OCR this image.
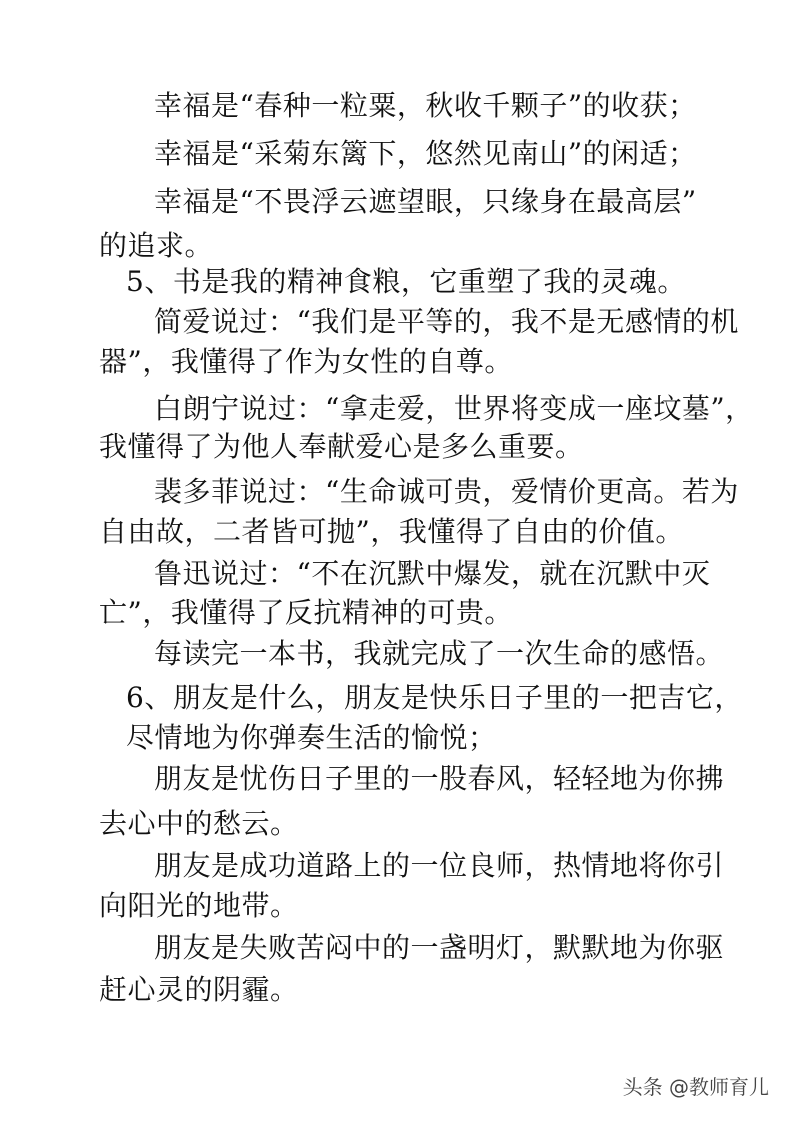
幸福是“春种一粒粟，秋收千颗子”的收获；
幸福是“采菊东篱下，悠然见南山”的闲适；
幸福是“不畏浮云遮望眼，只缘身在最高层”
的追求。
5、书是我的精神食粮，它重塑了我的灵魂。
简爱说过：“我们是平等的，我不是无感情的机
器”，我懂得了作为女性的自尊。
白朗宁说过：“拿走爱，世界将变成一座坟墓”，
我懂得了为他人奉献爱心是多么重要。
裴多菲说过：“生命诚可贵，爱情价更高。若为
自由故，二者皆可抛”，我懂得了自由的价值。
鲁迅说过：“不在沉默中爆发，就在沉默中灭
亡”，我懂得了反抗精神的可贵。
每读完一本书，我就完成了一次生命的感悟。
6、朋友是什么，朋友是快乐日子里的一把吉它，
尽情地为你弹奏生活的愉悦；
朋友是忧伤日子里的一股春风，轻轻地为你拂
去心中的愁云。
朋友是成功道路上的一位良师，热情地将你引
向阳光的地带。
朋友是失败苦闷中的一盏明灯，默默地为你驱
赶心灵的阴霾。
头条 @教师育儿
